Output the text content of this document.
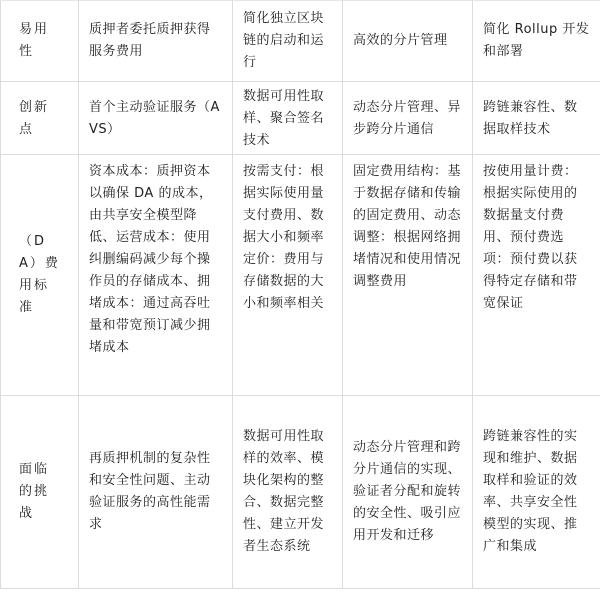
易用性	质押者委托质押获得服务费用	简化独立区块链的启动和运行	高效的分片管理	简化 Rollup 开发和部署
创新点	首个主动验证服务（AVS）	数据可用性取样、聚合签名技术	动态分片管理、异步跨分片通信	跨链兼容性、数据取样技术
（DA）费用标准	资本成本：质押资本以确保 DA 的成本，由共享安全模型降低、运营成本：使用纠删编码减少每个操作员的存储成本、拥堵成本：通过高吞吐量和带宽预订减少拥堵成本	按需支付：根据实际使用量支付费用、数据大小和频率定价：费用与存储数据的大小和频率相关	固定费用结构：基于数据存储和传输的固定费用、动态调整：根据网络拥堵情况和使用情况调整费用	按使用量计费：根据实际使用的数据量支付费用、预付费选项：预付费以获得特定存储和带宽保证
面临的挑战	再质押机制的复杂性和安全性问题、主动验证服务的高性能需求	数据可用性取样的效率、模块化架构的整合、数据完整性、建立开发者生态系统	动态分片管理和跨分片通信的实现、验证者分配和旋转的安全性、吸引应用开发和迁移	跨链兼容性的实现和维护、数据取样和验证的效率、共享安全性模型的实现、推广和集成
